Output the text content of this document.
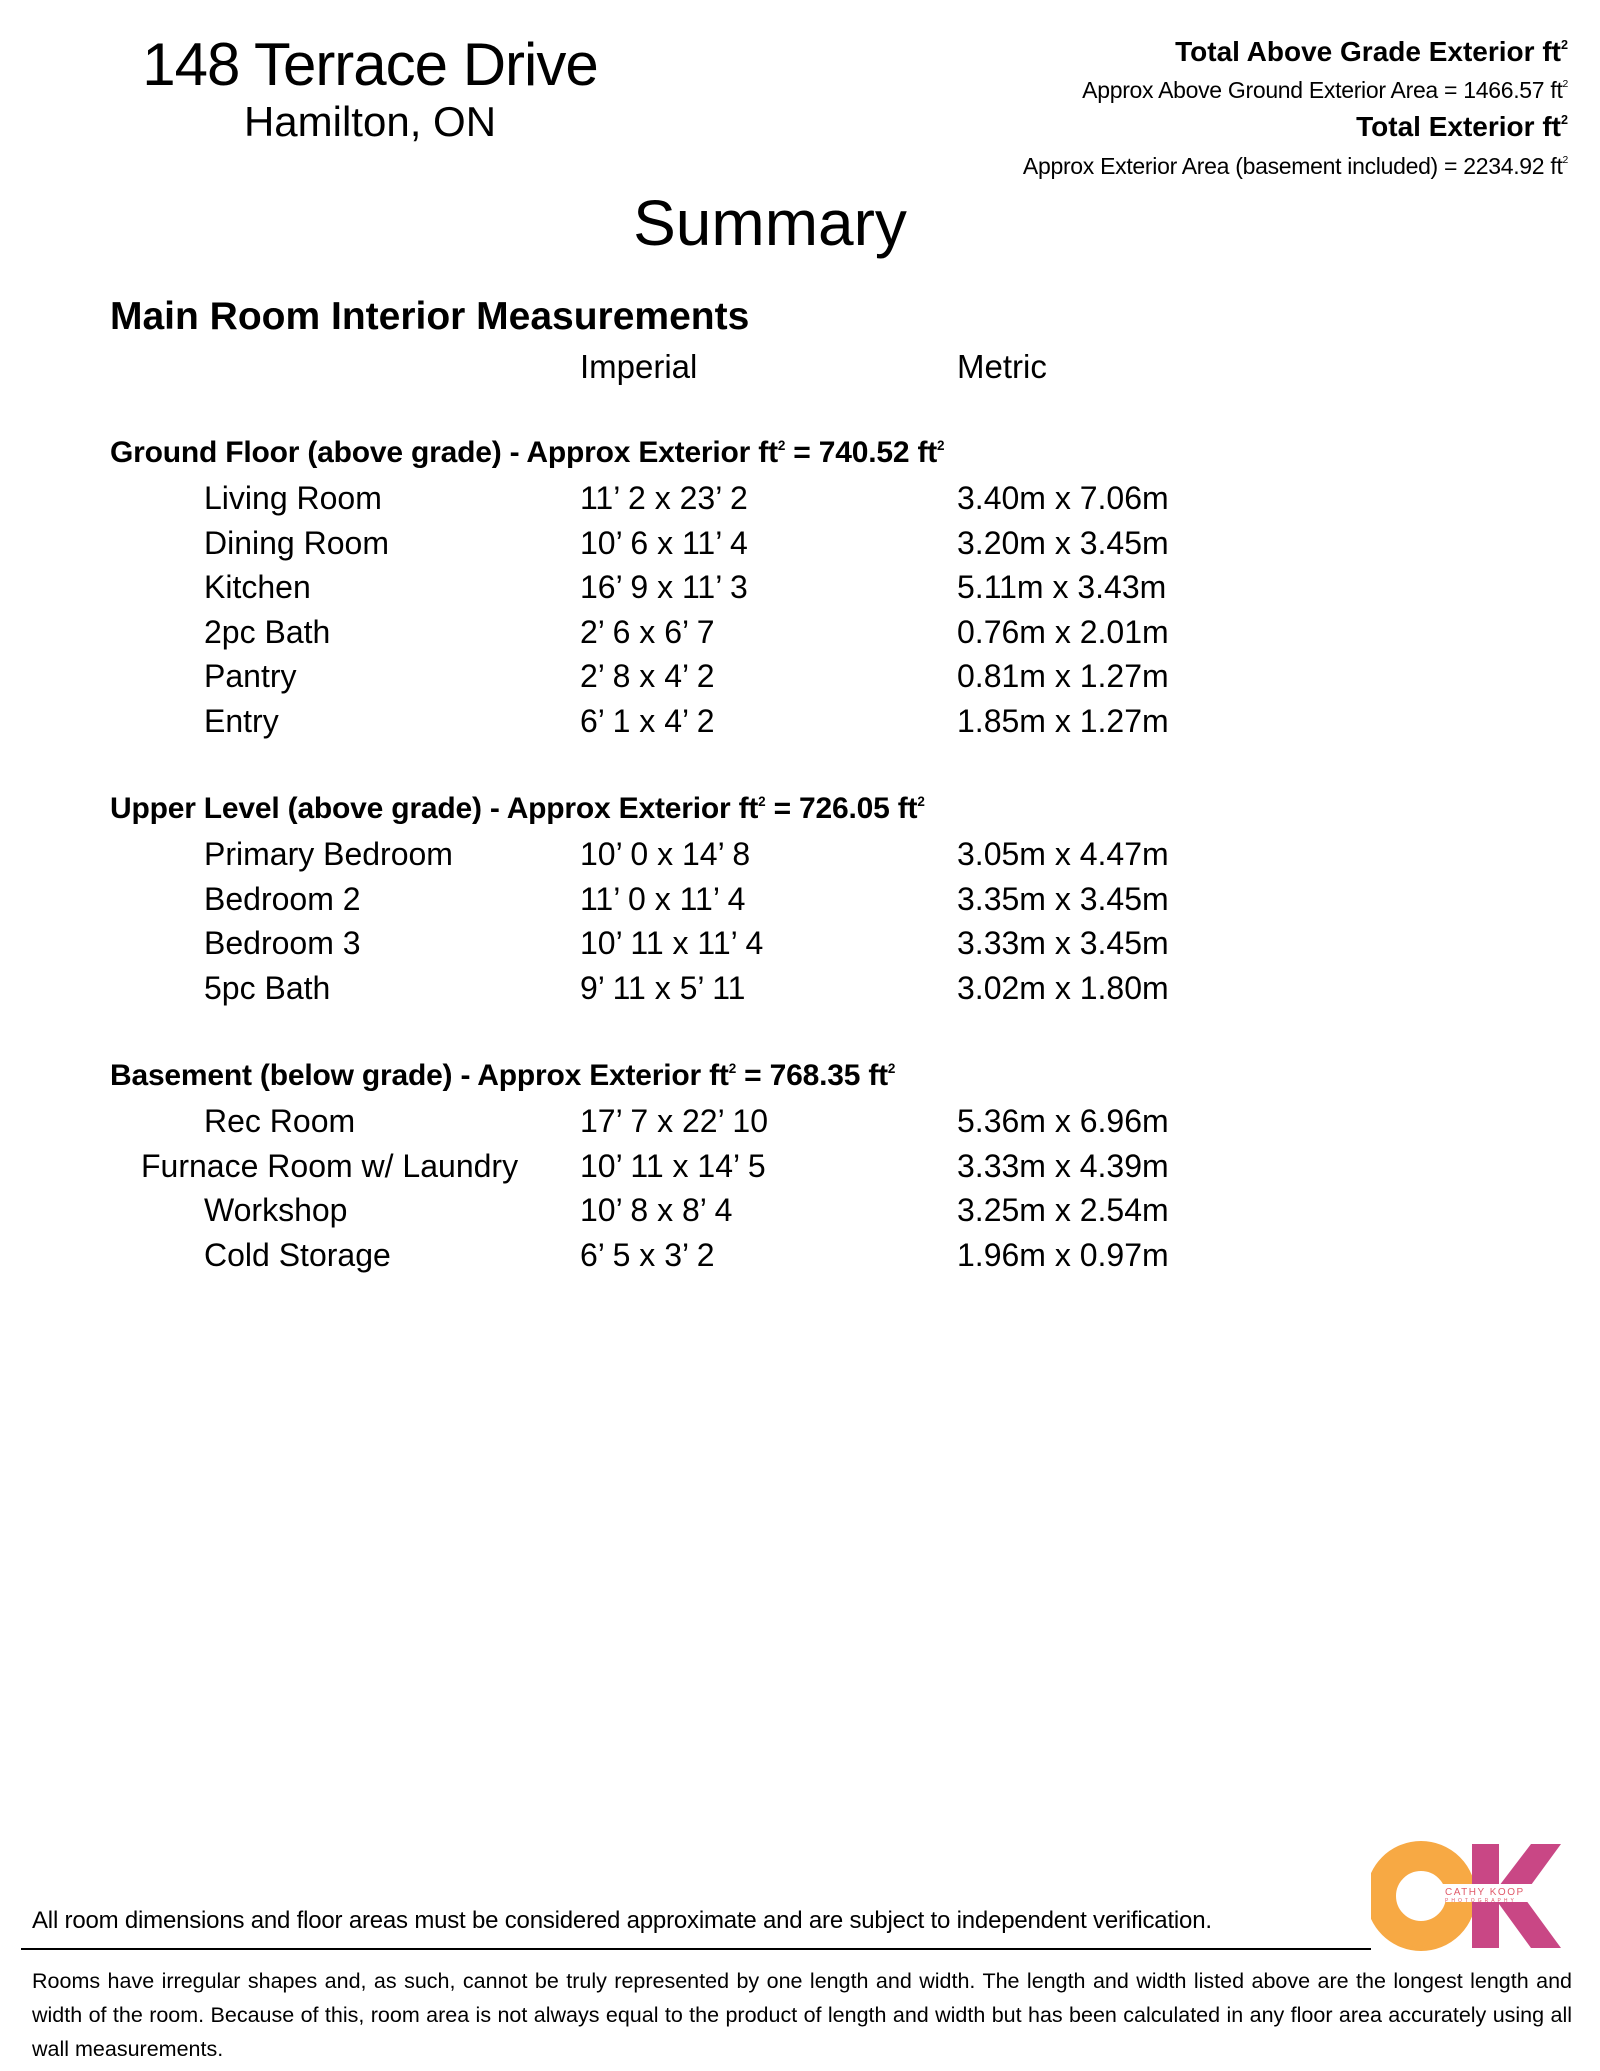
148 Terrace Drive
Hamilton, ON
Total Above Grade Exterior $ft^2$
Approx Above Ground Exterior Area = 1466.57 $ft^2$
Total Exterior $ft^2$
Approx Exterior Area (basement included) = 2234.92 $ft^2$
Summary
Main Room Interior Measurements
Imperial	Metric
Ground Floor (above grade) - Approx Exterior $ft^2 = 740.52$ $ft^2$
Living Room	11’ 2 x 23’ 2	3.40m x 7.06m
Dining Room	10’ 6 x 11’ 4	3.20m x 3.45m
Kitchen	16’ 9 x 11’ 3	5.11m x 3.43m
2pc Bath	2’ 6 x 6’ 7	0.76m x 2.01m
Pantry	2’ 8 x 4’ 2	0.81m x 1.27m
Entry	6’ 1 x 4’ 2	1.85m x 1.27m
Upper Level (above grade) - Approx Exterior $ft^2 = 726.05$ $ft^2$
Primary Bedroom	10’ 0 x 14’ 8	3.05m x 4.47m
Bedroom 2	11’ 0 x 11’ 4	3.35m x 3.45m
Bedroom 3	10’ 11 x 11’ 4	3.33m x 3.45m
5pc Bath	9’ 11 x 5’ 11	3.02m x 1.80m
Basement (below grade) - Approx Exterior $ft^2 = 768.35$ $ft^2$
Rec Room	17’ 7 x 22’ 10	5.36m x 6.96m
Furnace Room w/ Laundry 10’ 11 x 14’ 5	3.33m x 4.39m
Workshop	10’ 8 x 8’ 4	3.25m x 2.54m
Cold Storage	6’ 5 x 3’ 2	1.96m x 0.97m
All room dimensions and floor areas must be considered approximate and are subject to independent verification.
Rooms have irregular shapes and, as such, cannot be truly represented by one length and width. The length and width listed above are the longest length and width of the room. Because of this, room area is not always equal to the product of length and width but has been calculated in any floor area accurately using all wall measurements.
CATHY KOOP
PHOTOGRAPHY
